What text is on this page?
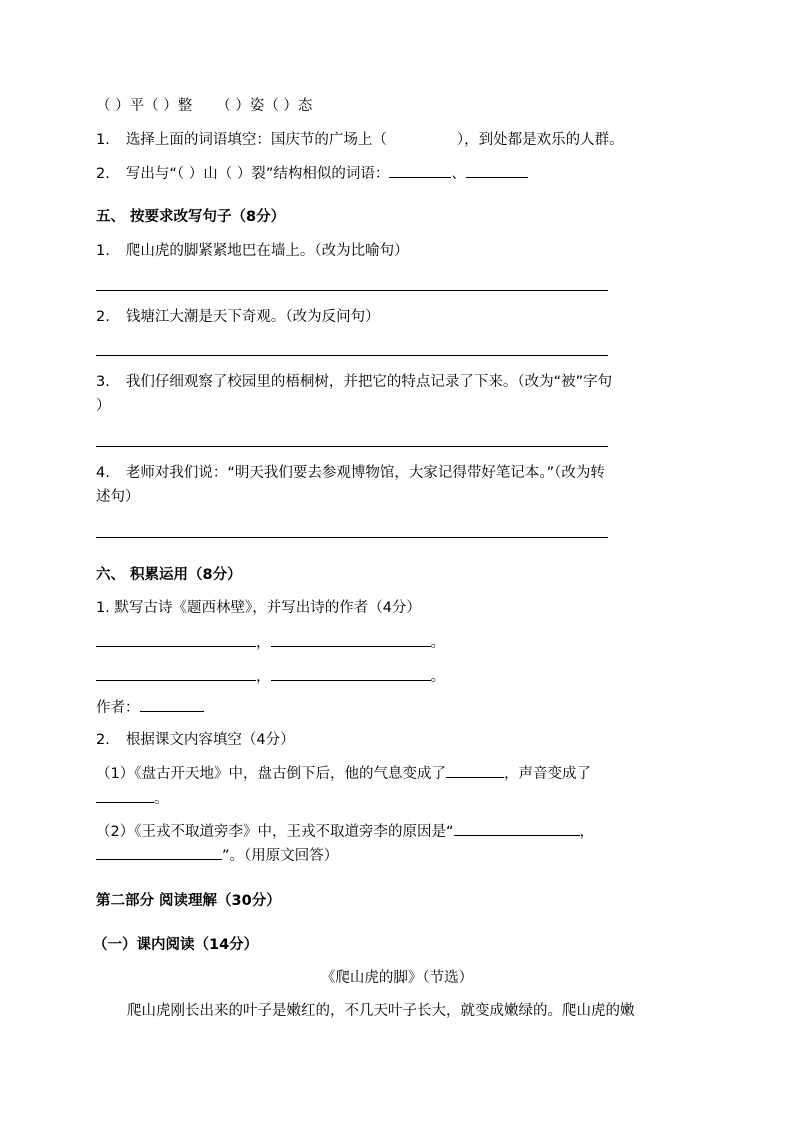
（ ）平（ ）整 （ ）姿（ ）态
1. 选择上面的词语填空：国庆节的广场上（	），到处都是欢乐的人群。
2. 写出与“（ ）山（ ）裂”结构相似的词语：	、
五、 按要求改写句子（8分）
1. 爬山虎的脚紧紧地巴在墙上。（改为比喻句）
2. 钱塘江大潮是天下奇观。（改为反问句）
3. 我们仔细观察了校园里的梧桐树，并把它的特点记录了下来。（改为“被”字句
）
4. 老师对我们说：“明天我们要去参观博物馆，大家记得带好笔记本。”（改为转
述句）
六、 积累运用（8分）
1. 默写古诗《题西林壁》，并写出诗的作者（4分）
，	。
，	。
作者：
2. 根据课文内容填空（4分）
（1）《盘古开天地》中，盘古倒下后，他的气息变成了	，声音变成了
。
（2）《王戎不取道旁李》中，王戎不取道旁李的原因是“	，
”。（用原文回答）
第二部分 阅读理解（30分）
（一）课内阅读（14分）
《爬山虎的脚》（节选）
爬山虎刚长出来的叶子是嫩红的，不几天叶子长大，就变成嫩绿的。爬山虎的嫩
